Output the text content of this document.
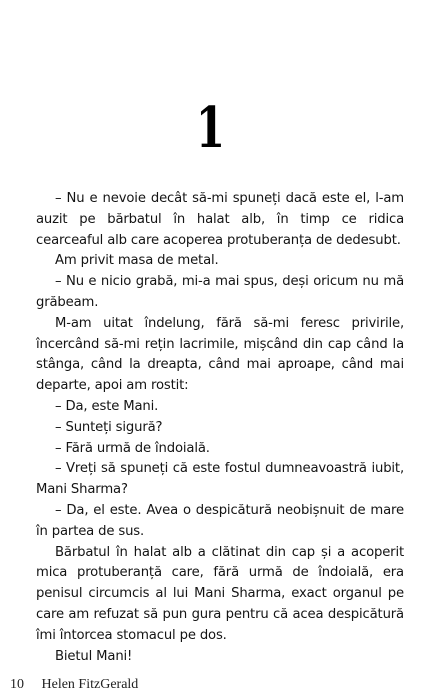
1

– Nu e nevoie decât să-mi spuneți dacă este el, l-am auzit pe bărbatul în halat alb, în timp ce ridica cearceaful alb care acoperea protuberanța de dedesubt.

Am privit masa de metal.

– Nu e nicio grabă, mi-a mai spus, deși oricum nu mă grăbeam.

M-am uitat îndelung, fără să-mi feresc privirile, încercând să-mi rețin lacrimile, mișcând din cap când la stânga, când la dreapta, când mai aproape, când mai departe, apoi am rostit:

– Da, este Mani.

– Sunteți sigură?

– Fără urmă de îndoială.

– Vreți să spuneți că este fostul dumneavoastră iubit, Mani Sharma?

– Da, el este. Avea o despicătură neobișnuit de mare în partea de sus.

Bărbatul în halat alb a clătinat din cap și a acoperit mica protuberanță care, fără urmă de îndoială, era penisul circumcis al lui Mani Sharma, exact organul pe care am refuzat să pun gura pentru că acea despicătură îmi întorcea stomacul pe dos.

Bietul Mani!

10 Helen FitzGerald
